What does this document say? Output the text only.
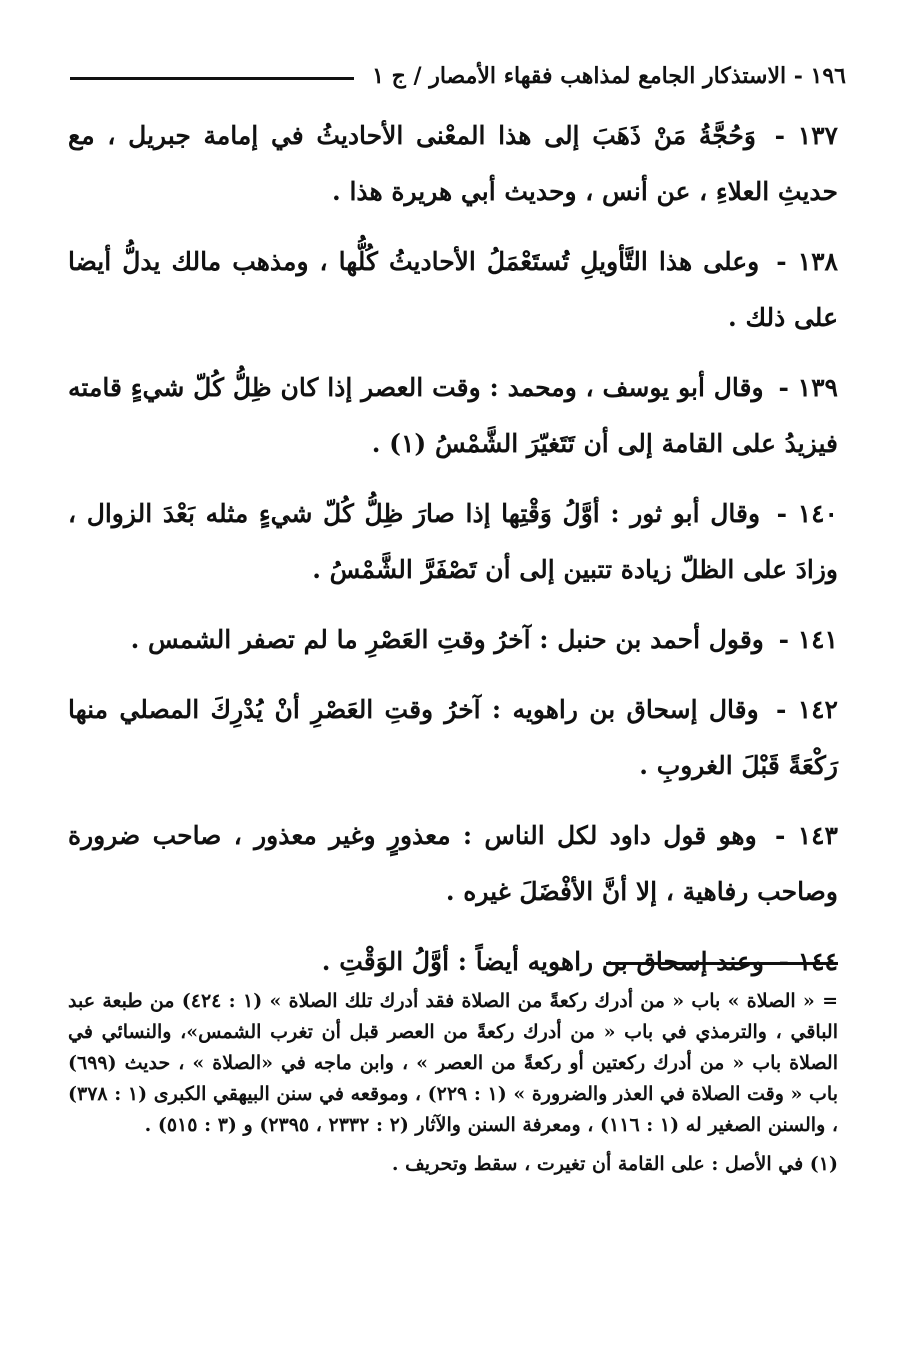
١٩٦ - الاستذكار الجامع لمذاهب فقهاء الأمصار / ج ١

١٣٧ - وَحُجَّةُ مَنْ ذَهَبَ إلى هذا المعْنى الأحاديثُ في إمامة جبريل ، مع حديثِ العلاءِ ، عن أنس ، وحديث أبي هريرة هذا .

١٣٨ - وعلى هذا التَّأويلِ تُستَعْمَلُ الأحاديثُ كُلُّها ، ومذهب مالك يدلُّ أيضا على ذلك .

١٣٩ - وقال أبو يوسف ، ومحمد : وقت العصر إذا كان ظِلُّ كُلّ شيءٍ قامته فيزيدُ على القامة إلى أن تَتَغيّرَ الشَّمْسُ (١) .

١٤٠ - وقال أبو ثور : أوَّلُ وَقْتِها إذا صارَ ظِلُّ كُلّ شيءٍ مثله بَعْدَ الزوال ، وزادَ على الظلّ زيادة تتبين إلى أن تَصْفَرَّ الشَّمْسُ .

١٤١ - وقول أحمد بن حنبل : آخرُ وقتِ العَصْرِ ما لم تصفر الشمس .

١٤٢ - وقال إسحاق بن راهويه : آخرُ وقتِ العَصْرِ أنْ يُدْرِكَ المصلي منها رَكْعَةً قَبْلَ الغروبِ .

١٤٣ - وهو قول داود لكل الناس : معذورٍ وغير معذور ، صاحب ضرورة وصاحب رفاهية ، إلا أنَّ الأفْضَلَ غيره .

١٤٤ - وعند إسحاق بن راهويه أيضاً : أوَّلُ الوَقْتِ .

= « الصلاة » باب « من أدرك ركعةً من الصلاة فقد أدرك تلك الصلاة » (١ : ٤٢٤) من طبعة عبد الباقي ، والترمذي في باب « من أدرك ركعةً من العصر قبل أن تغرب الشمس»، والنسائي في الصلاة باب « من أدرك ركعتين أو ركعةً من العصر » ، وابن ماجه في «الصلاة » ، حديث (٦٩٩) باب « وقت الصلاة في العذر والضرورة » (١ : ٢٢٩) ، وموقعه في سنن البيهقي الكبرى (١ : ٣٧٨) ، والسنن الصغير له (١ : ١١٦) ، ومعرفة السنن والآثار (٢ : ٢٣٣٢ ، ٢٣٩٥) و (٣ : ٥١٥) .

(١) في الأصل : على القامة أن تغيرت ، سقط وتحريف .
